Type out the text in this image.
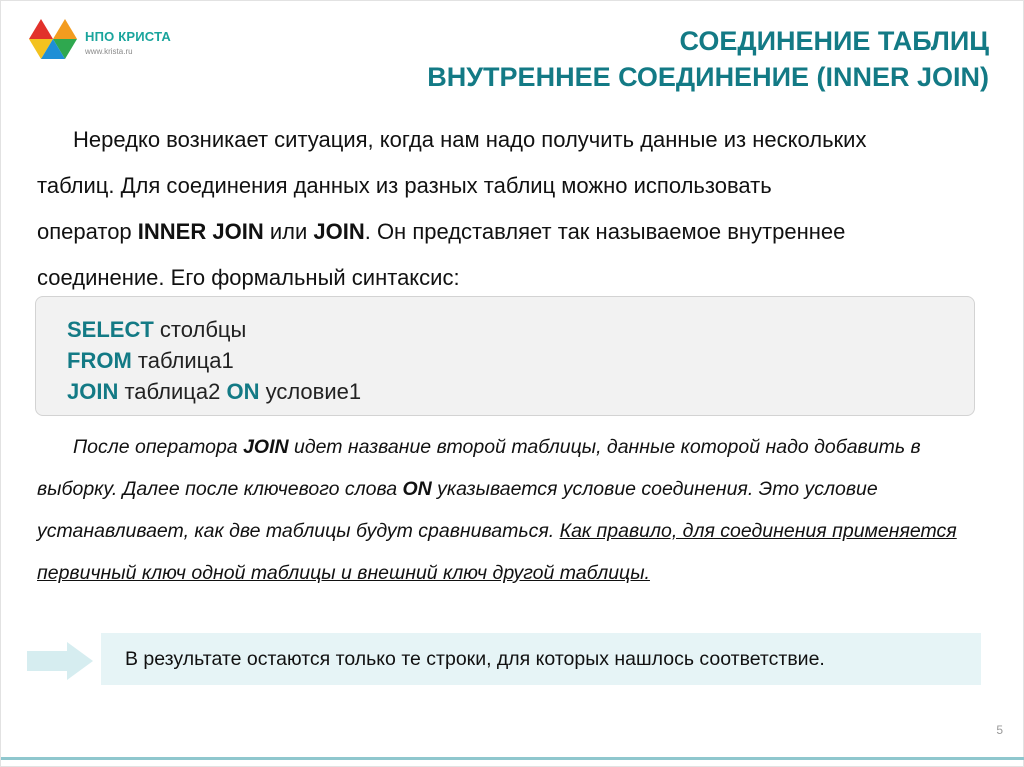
НПО КРИСТА
www.krista.ru	СОЕДИНЕНИЕ ТАБЛИЦ
ВНУТРЕННЕЕ СОЕДИНЕНИЕ (INNER JOIN)
Нередко возникает ситуация, когда нам надо получить данные из нескольких таблиц. Для соединения данных из разных таблиц можно использовать оператор INNER JOIN или JOIN. Он представляет так называемое внутреннее соединение. Его формальный синтаксис:
SELECT столбцы
FROM таблица1
JOIN таблица2 ON условие1
После оператора JOIN идет название второй таблицы, данные которой надо добавить в выборку. Далее после ключевого слова ON указывается условие соединения. Это условие устанавливает, как две таблицы будут сравниваться. Как правило, для соединения применяется первичный ключ одной таблицы и внешний ключ другой таблицы.
В результате остаются только те строки, для которых нашлось соответствие.
5
